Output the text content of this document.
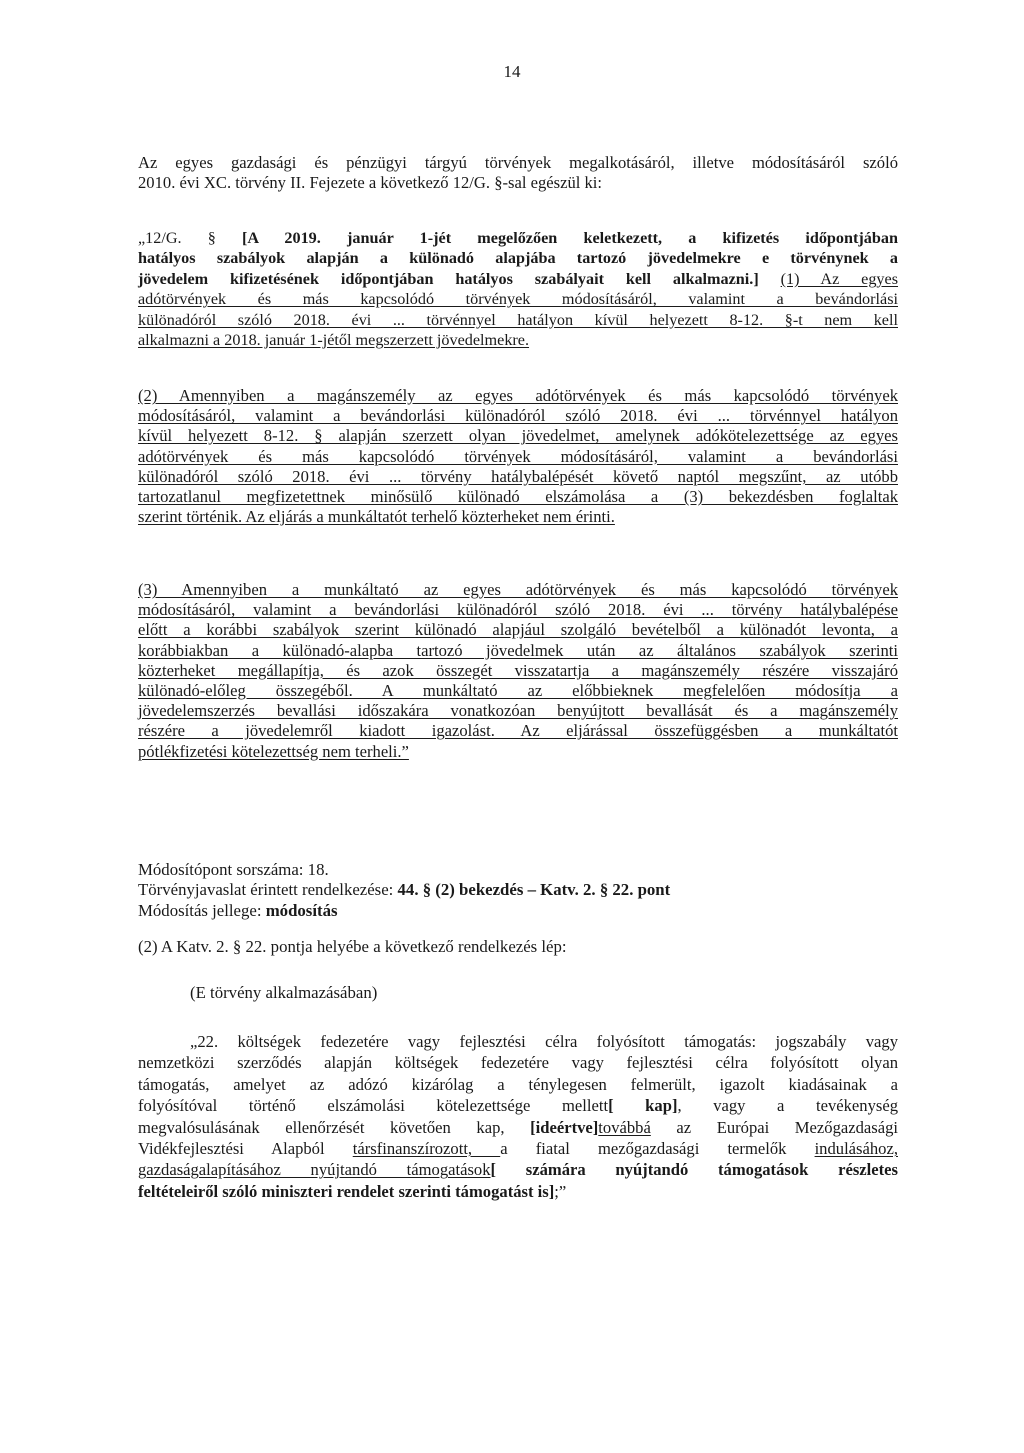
14
Az egyes gazdasági és pénzügyi tárgyú törvények megalkotásáról, illetve módosításáról szóló
2010. évi XC. törvény II. Fejezete a következő 12/G. §-sal egészül ki:
„12/G. § [A 2019. január 1-jét megelőzően keletkezett, a kifizetés időpontjában
hatályos szabályok alapján a különadó alapjába tartozó jövedelmekre e törvénynek a
jövedelem kifizetésének időpontjában hatályos szabályait kell alkalmazni.] (1) Az egyes
adótörvények és más kapcsolódó törvények módosításáról, valamint a bevándorlási
különadóról szóló 2018. évi ... törvénnyel hatályon kívül helyezett 8-12. §-t nem kell
alkalmazni a 2018. január 1-jétől megszerzett jövedelmekre.
(2) Amennyiben a magánszemély az egyes adótörvények és más kapcsolódó törvények
módosításáról, valamint a bevándorlási különadóról szóló 2018. évi ... törvénnyel hatályon
kívül helyezett 8-12. § alapján szerzett olyan jövedelmet, amelynek adókötelezettsége az egyes
adótörvények és más kapcsolódó törvények módosításáról, valamint a bevándorlási
különadóról szóló 2018. évi ... törvény hatálybalépését követő naptól megszűnt, az utóbb
tartozatlanul megfizetettnek minősülő különadó elszámolása a (3) bekezdésben foglaltak
szerint történik. Az eljárás a munkáltatót terhelő közterheket nem érinti.
(3) Amennyiben a munkáltató az egyes adótörvények és más kapcsolódó törvények
módosításáról, valamint a bevándorlási különadóról szóló 2018. évi ... törvény hatálybalépése
előtt a korábbi szabályok szerint különadó alapjául szolgáló bevételből a különadót levonta, a
korábbiakban a különadó-alapba tartozó jövedelmek után az általános szabályok szerinti
közterheket megállapítja, és azok összegét visszatartja a magánszemély részére visszajáró
különadó-előleg összegéből. A munkáltató az előbbieknek megfelelően módosítja a
jövedelemszerzés bevallási időszakára vonatkozóan benyújtott bevallását és a magánszemély
részére a jövedelemről kiadott igazolást. Az eljárással összefüggésben a munkáltatót
pótlékfizetési kötelezettség nem terheli.”
Módosítópont sorszáma: 18.
Törvényjavaslat érintett rendelkezése: 44. § (2) bekezdés – Katv. 2. § 22. pont
Módosítás jellege: módosítás
(2) A Katv. 2. § 22. pontja helyébe a következő rendelkezés lép:
(E törvény alkalmazásában)
„22. költségek fedezetére vagy fejlesztési célra folyósított támogatás: jogszabály vagy
nemzetközi szerződés alapján költségek fedezetére vagy fejlesztési célra folyósított olyan
támogatás, amelyet az adózó kizárólag a ténylegesen felmerült, igazolt kiadásainak a
folyósítóval történő elszámolási kötelezettsége mellett[ kap], vagy a tevékenység
megvalósulásának ellenőrzését követően kap, [ideértve]továbbá az Európai Mezőgazdasági
Vidékfejlesztési Alapból társfinanszírozott, a fiatal mezőgazdasági termelők indulásához,
gazdaságalapításához nyújtandó támogatások[ számára nyújtandó támogatások részletes
feltételeiről szóló miniszteri rendelet szerinti támogatást is];”
